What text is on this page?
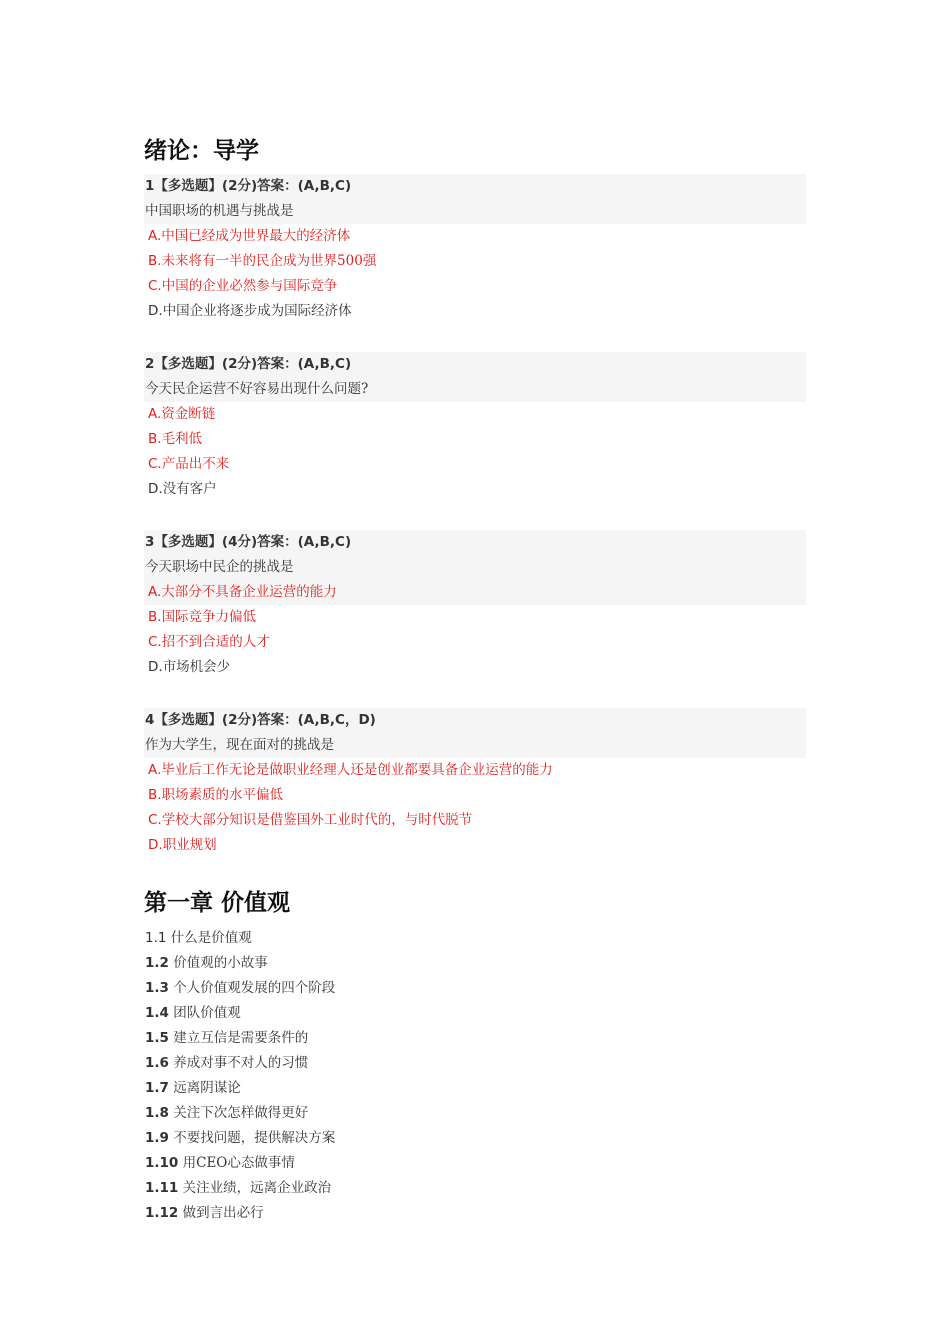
绪论：导学
1【多选题】(2分)答案：(A,B,C)
中国职场的机遇与挑战是
A.中国已经成为世界最大的经济体
B.未来将有一半的民企成为世界500强
C.中国的企业必然参与国际竞争
D.中国企业将逐步成为国际经济体
2【多选题】(2分)答案：(A,B,C)
今天民企运营不好容易出现什么问题?
A.资金断链
B.毛利低
C.产品出不来
D.没有客户
3【多选题】(4分)答案：(A,B,C)
今天职场中民企的挑战是
A.大部分不具备企业运营的能力
B.国际竞争力偏低
C.招不到合适的人才
D.市场机会少
4【多选题】(2分)答案：(A,B,C，D)
作为大学生，现在面对的挑战是
A.毕业后工作无论是做职业经理人还是创业都要具备企业运营的能力
B.职场素质的水平偏低
C.学校大部分知识是借鉴国外工业时代的，与时代脱节
D.职业规划
第一章 价值观
1.1 什么是价值观
1.2 价值观的小故事
1.3 个人价值观发展的四个阶段
1.4 团队价值观
1.5 建立互信是需要条件的
1.6 养成对事不对人的习惯
1.7 远离阴谋论
1.8 关注下次怎样做得更好
1.9 不要找问题，提供解决方案
1.10 用CEO心态做事情
1.11 关注业绩，远离企业政治
1.12 做到言出必行
